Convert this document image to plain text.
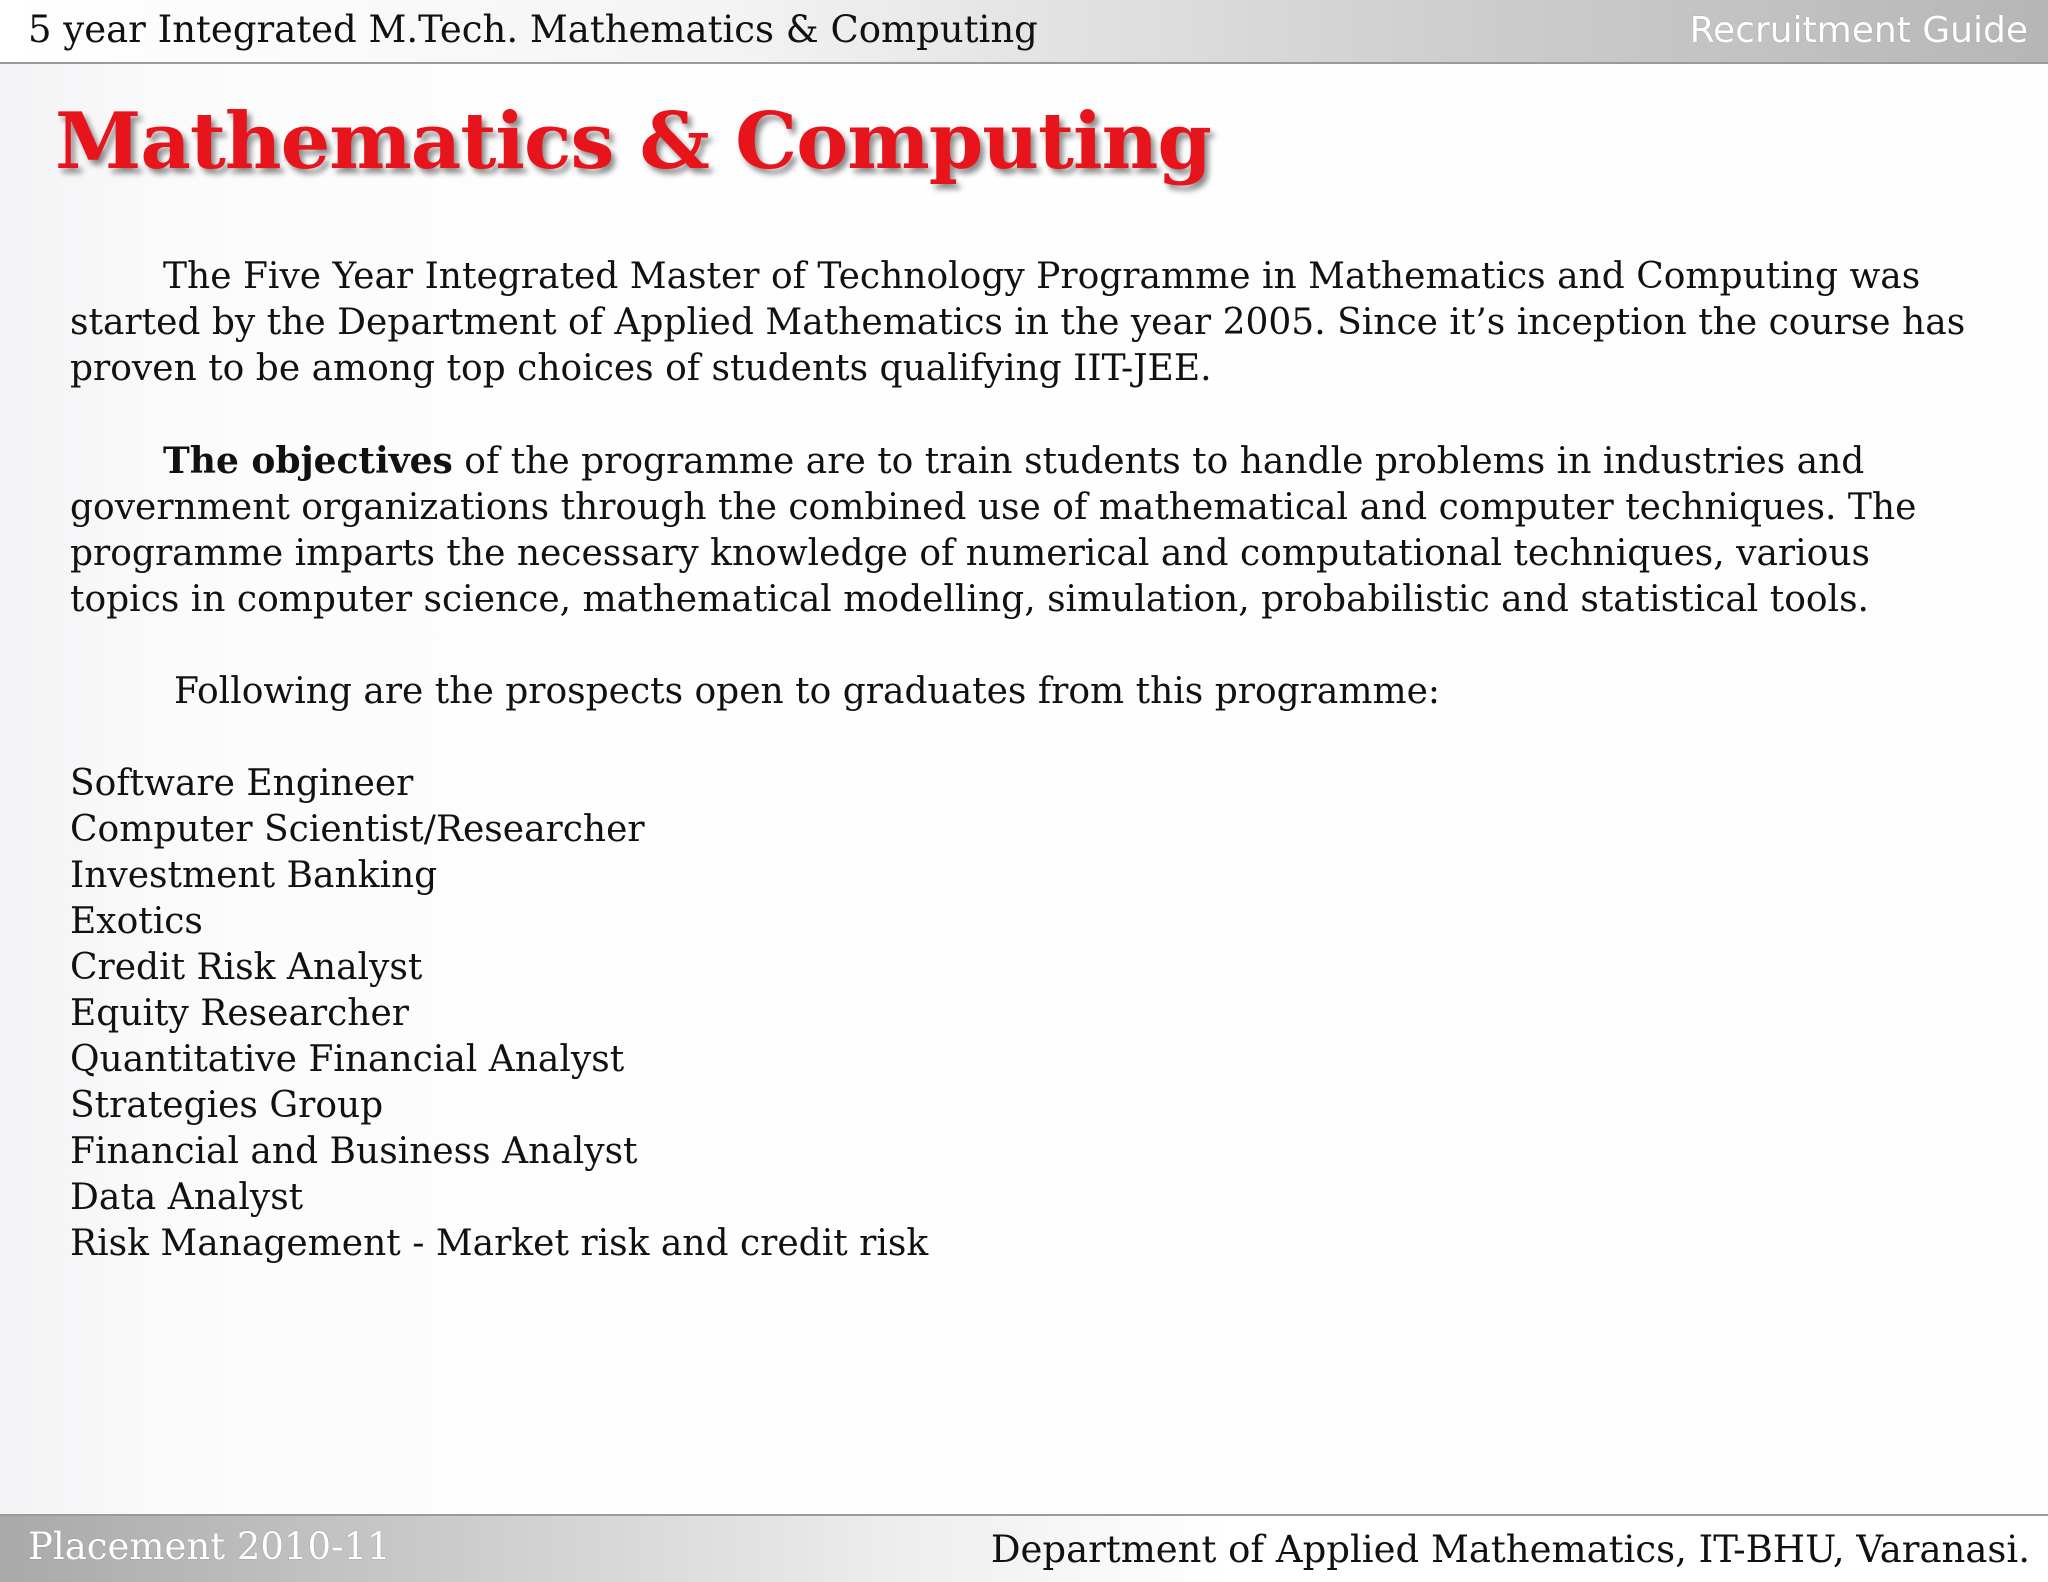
5 year Integrated M.Tech. Mathematics & Computing	Recruitment Guide
Mathematics & Computing

The Five Year Integrated Master of Technology Programme in Mathematics and Computing was started by the Department of Applied Mathematics in the year 2005. Since it’s inception the course has proven to be among top choices of students qualifying IIT-JEE.

The objectives of the programme are to train students to handle problems in industries and government organizations through the combined use of mathematical and computer techniques. The programme imparts the necessary knowledge of numerical and computational techniques, various topics in computer science, mathematical modelling, simulation, probabilistic and statistical tools.

Following are the prospects open to graduates from this programme:

Software Engineer
Computer Scientist/Researcher
Investment Banking
Exotics
Credit Risk Analyst
Equity Researcher
Quantitative Financial Analyst
Strategies Group
Financial and Business Analyst
Data Analyst
Risk Management - Market risk and credit risk
Placement 2010-11	Department of Applied Mathematics, IT-BHU, Varanasi.
